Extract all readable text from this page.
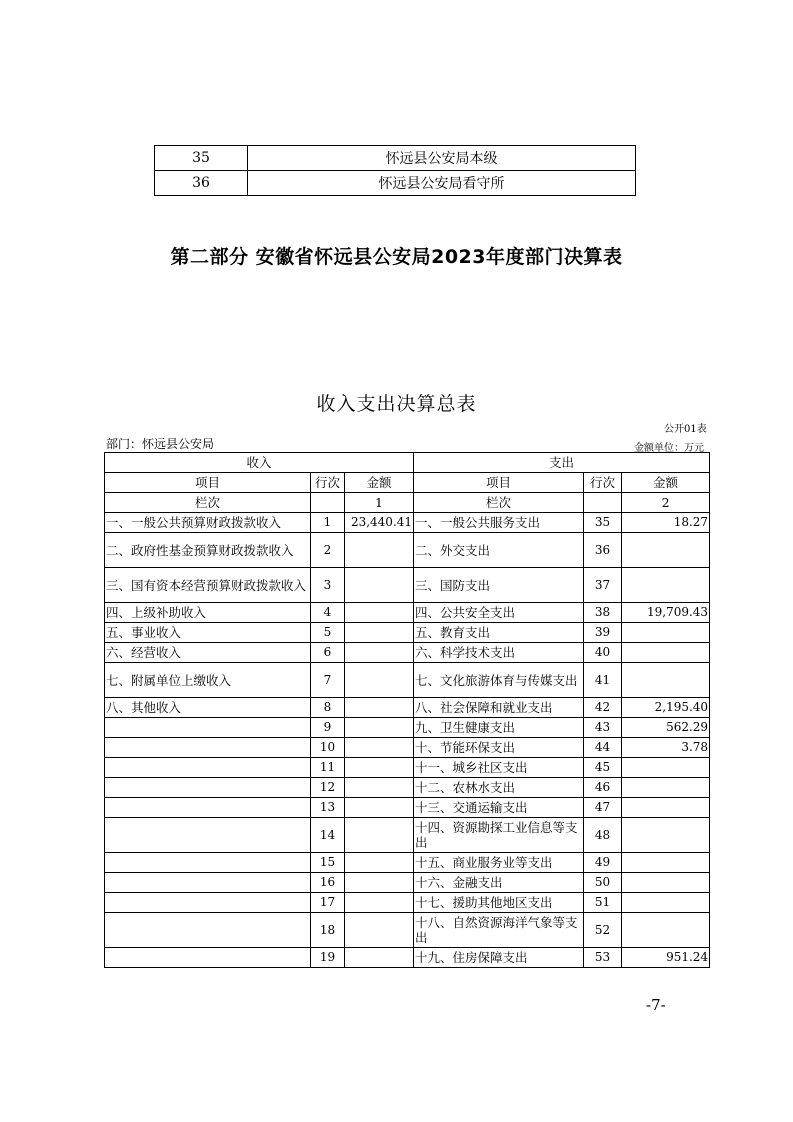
35	怀远县公安局本级
36	怀远县公安局看守所
第二部分 安徽省怀远县公安局2023年度部门决算表
收入支出决算总表
公开01表
部门：怀远县公安局	金额单位：万元
收入			支出		
项目	行次	金额	项目	行次	金额
栏次		1	栏次		2
一、一般公共预算财政拨款收入	1	23,440.41	一、一般公共服务支出	35	18.27
二、政府性基金预算财政拨款收入	2		二、外交支出	36	
三、国有资本经营预算财政拨款收入	3		三、国防支出	37	
四、上级补助收入	4		四、公共安全支出	38	19,709.43
五、事业收入	5		五、教育支出	39	
六、经营收入	6		六、科学技术支出	40	
七、附属单位上缴收入	7		七、文化旅游体育与传媒支出	41	
八、其他收入	8		八、社会保障和就业支出	42	2,195.40
	9		九、卫生健康支出	43	562.29
	10		十、节能环保支出	44	3.78
	11		十一、城乡社区支出	45	
	12		十二、农林水支出	46	
	13		十三、交通运输支出	47	
	14		十四、资源勘探工业信息等支出	48	
	15		十五、商业服务业等支出	49	
	16		十六、金融支出	50	
	17		十七、援助其他地区支出	51	
	18		十八、自然资源海洋气象等支出	52	
	19		十九、住房保障支出	53	951.24
-7-
